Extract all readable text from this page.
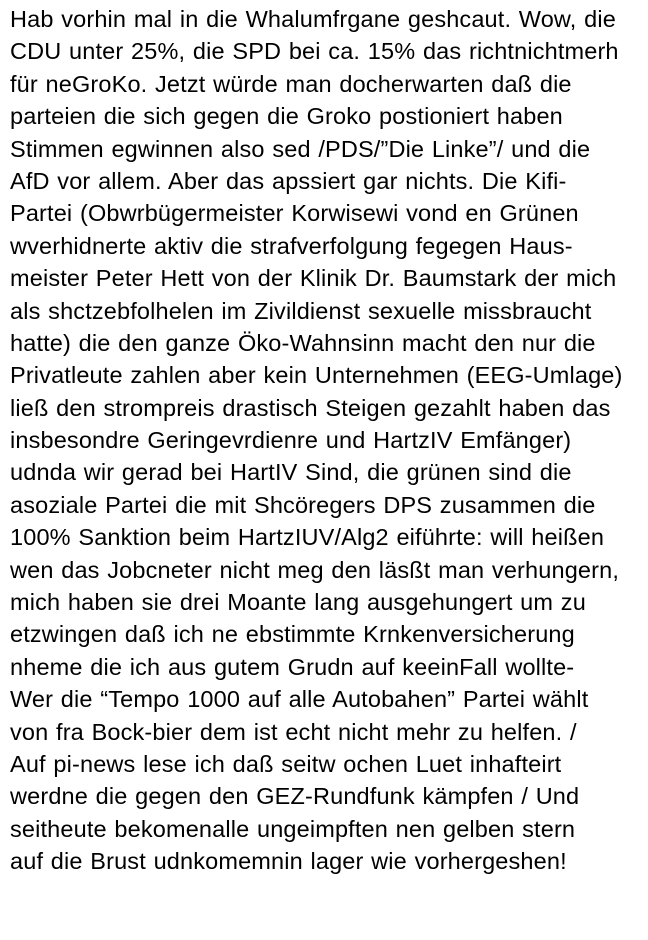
Hab vorhin mal in die Whalumfrgane geshcaut. Wow, die
CDU unter 25%, die SPD bei ca. 15% das richtnichtmerh
für neGroKo. Jetzt würde man docherwarten daß die
parteien die sich gegen die Groko postioniert haben
Stimmen egwinnen also sed /PDS/”Die Linke”/ und die
AfD vor allem. Aber das apssiert gar nichts. Die Kifi-
Partei (Obwrbügermeister Korwisewi vond en Grünen
wverhidnerte aktiv die strafverfolgung fegegen Haus-
meister Peter Hett von der Klinik Dr. Baumstark der mich
als shctzebfolhelen im Zivildienst sexuelle missbraucht
hatte) die den ganze Öko-Wahnsinn macht den nur die
Privatleute zahlen aber kein Unternehmen (EEG-Umlage)
ließ den strompreis drastisch Steigen gezahlt haben das
insbesondre Geringevrdienre und HartzIV Emfänger)
udnda wir gerad bei HartIV Sind, die grünen sind die
asoziale Partei die mit Shcöregers DPS zusammen die
100% Sanktion beim HartzIUV/Alg2 eiführte: will heißen
wen das Jobcneter nicht meg den läsßt man verhungern,
mich haben sie drei Moante lang ausgehungert um zu
etzwingen daß ich ne ebstimmte Krnkenversicherung
nheme die ich aus gutem Grudn auf keeinFall wollte-
Wer die “Tempo 1000 auf alle Autobahen” Partei wählt
von fra Bock-bier dem ist echt nicht mehr zu helfen. /
Auf pi-news lese ich daß seitw ochen Luet inhafteirt
werdne die gegen den GEZ-Rundfunk kämpfen / Und
seitheute bekomenalle ungeimpften nen gelben stern
auf die Brust udnkomemnin lager wie vorhergeshen!
